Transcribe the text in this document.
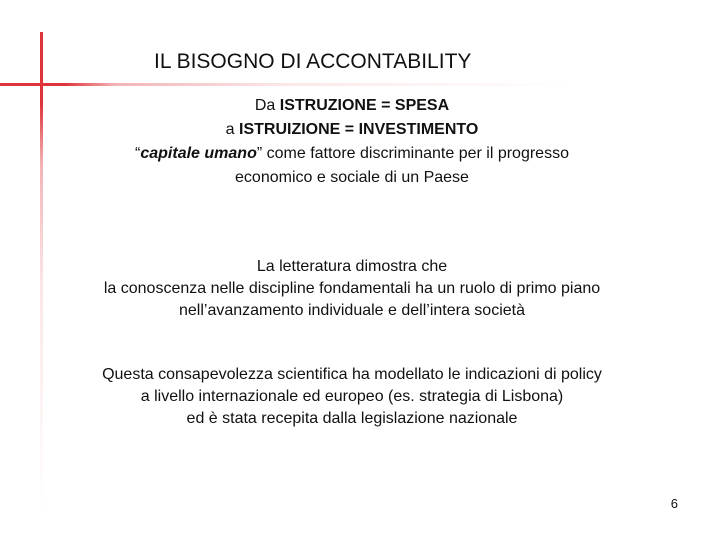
IL BISOGNO DI ACCONTABILITY
Da ISTRUZIONE = SPESA
a ISTRUIZIONE = INVESTIMENTO
“capitale umano” come fattore discriminante per il progresso
economico e sociale di un Paese
La letteratura dimostra che
la conoscenza nelle discipline fondamentali ha un ruolo di primo piano
nell’avanzamento individuale e dell’intera società
Questa consapevolezza scientifica ha modellato le indicazioni di policy
a livello internazionale ed europeo (es. strategia di Lisbona)
ed è stata recepita dalla legislazione nazionale
6
